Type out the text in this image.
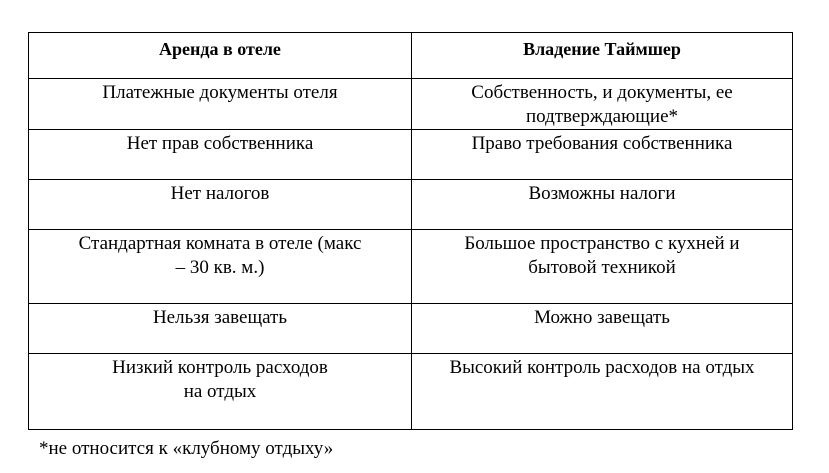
Аренда в отеле	Владение Таймшер

Платежные документы отеля	Собственность, и документы, ее подтверждающие*

Нет прав собственника	Право требования собственника

Нет налогов	Возможны налоги

Стандартная комната в отеле (макс – 30 кв. м.)	Большое пространство с кухней и бытовой техникой

Нельзя завещать	Можно завещать

Низкий контроль расходов на отдых	Высокий контроль расходов на отдых
*не относится к «клубному отдыху»
